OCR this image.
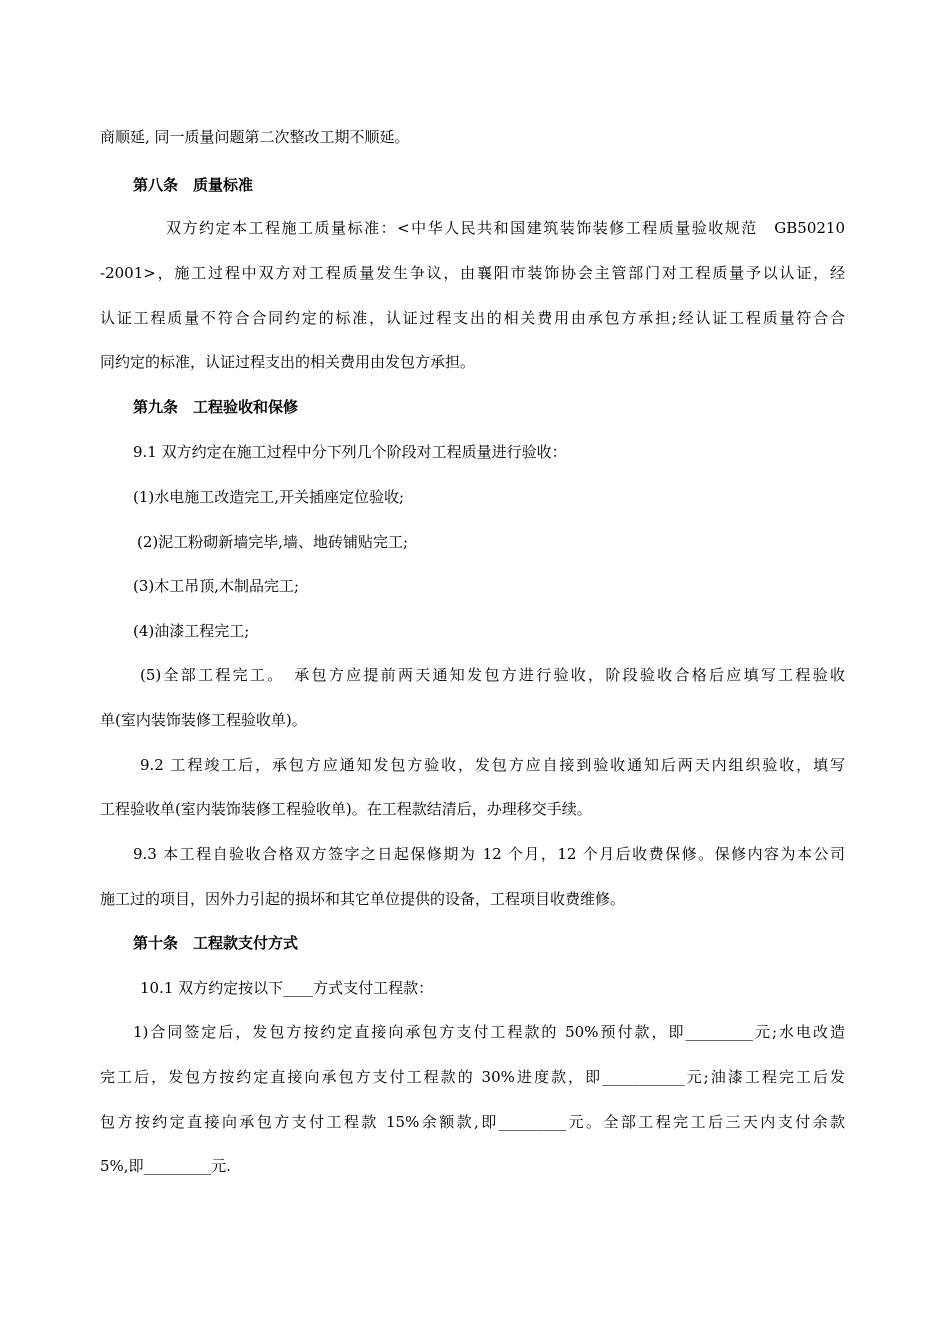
商顺延, 同一质量问题第二次整改工期不顺延。
第八条　质量标准
双方约定本工程施工质量标准：<中华人民共和国建筑装饰装修工程质量验收规范　GB50210
-2001>，施工过程中双方对工程质量发生争议，由襄阳市装饰协会主管部门对工程质量予以认证，经
认证工程质量不符合合同约定的标准，认证过程支出的相关费用由承包方承担;经认证工程质量符合合
同约定的标准，认证过程支出的相关费用由发包方承担。
第九条　工程验收和保修
9.1 双方约定在施工过程中分下列几个阶段对工程质量进行验收：
(1)水电施工改造完工,开关插座定位验收;
(2)泥工粉砌新墙完毕,墙、地砖铺贴完工;
(3)木工吊顶,木制品完工;
(4)油漆工程完工;
(5)全部工程完工。　承包方应提前两天通知发包方进行验收，阶段验收合格后应填写工程验收
单(室内装饰装修工程验收单)。
9.2 工程竣工后，承包方应通知发包方验收，发包方应自接到验收通知后两天内组织验收，填写
工程验收单(室内装饰装修工程验收单)。在工程款结清后，办理移交手续。
9.3 本工程自验收合格双方签字之日起保修期为 12 个月，12 个月后收费保修。保修内容为本公司
施工过的项目，因外力引起的损坏和其它单位提供的设备，工程项目收费维修。
第十条　工程款支付方式
10.1 双方约定按以下____方式支付工程款：
1)合同签定后，发包方按约定直接向承包方支付工程款的 50%预付款，即_________元;水电改造
完工后，发包方按约定直接向承包方支付工程款的 30%进度款，即___________元;油漆工程完工后发
包方按约定直接向承包方支付工程款 15%余额款,即_________元。全部工程完工后三天内支付余款
5%,即_________元.
